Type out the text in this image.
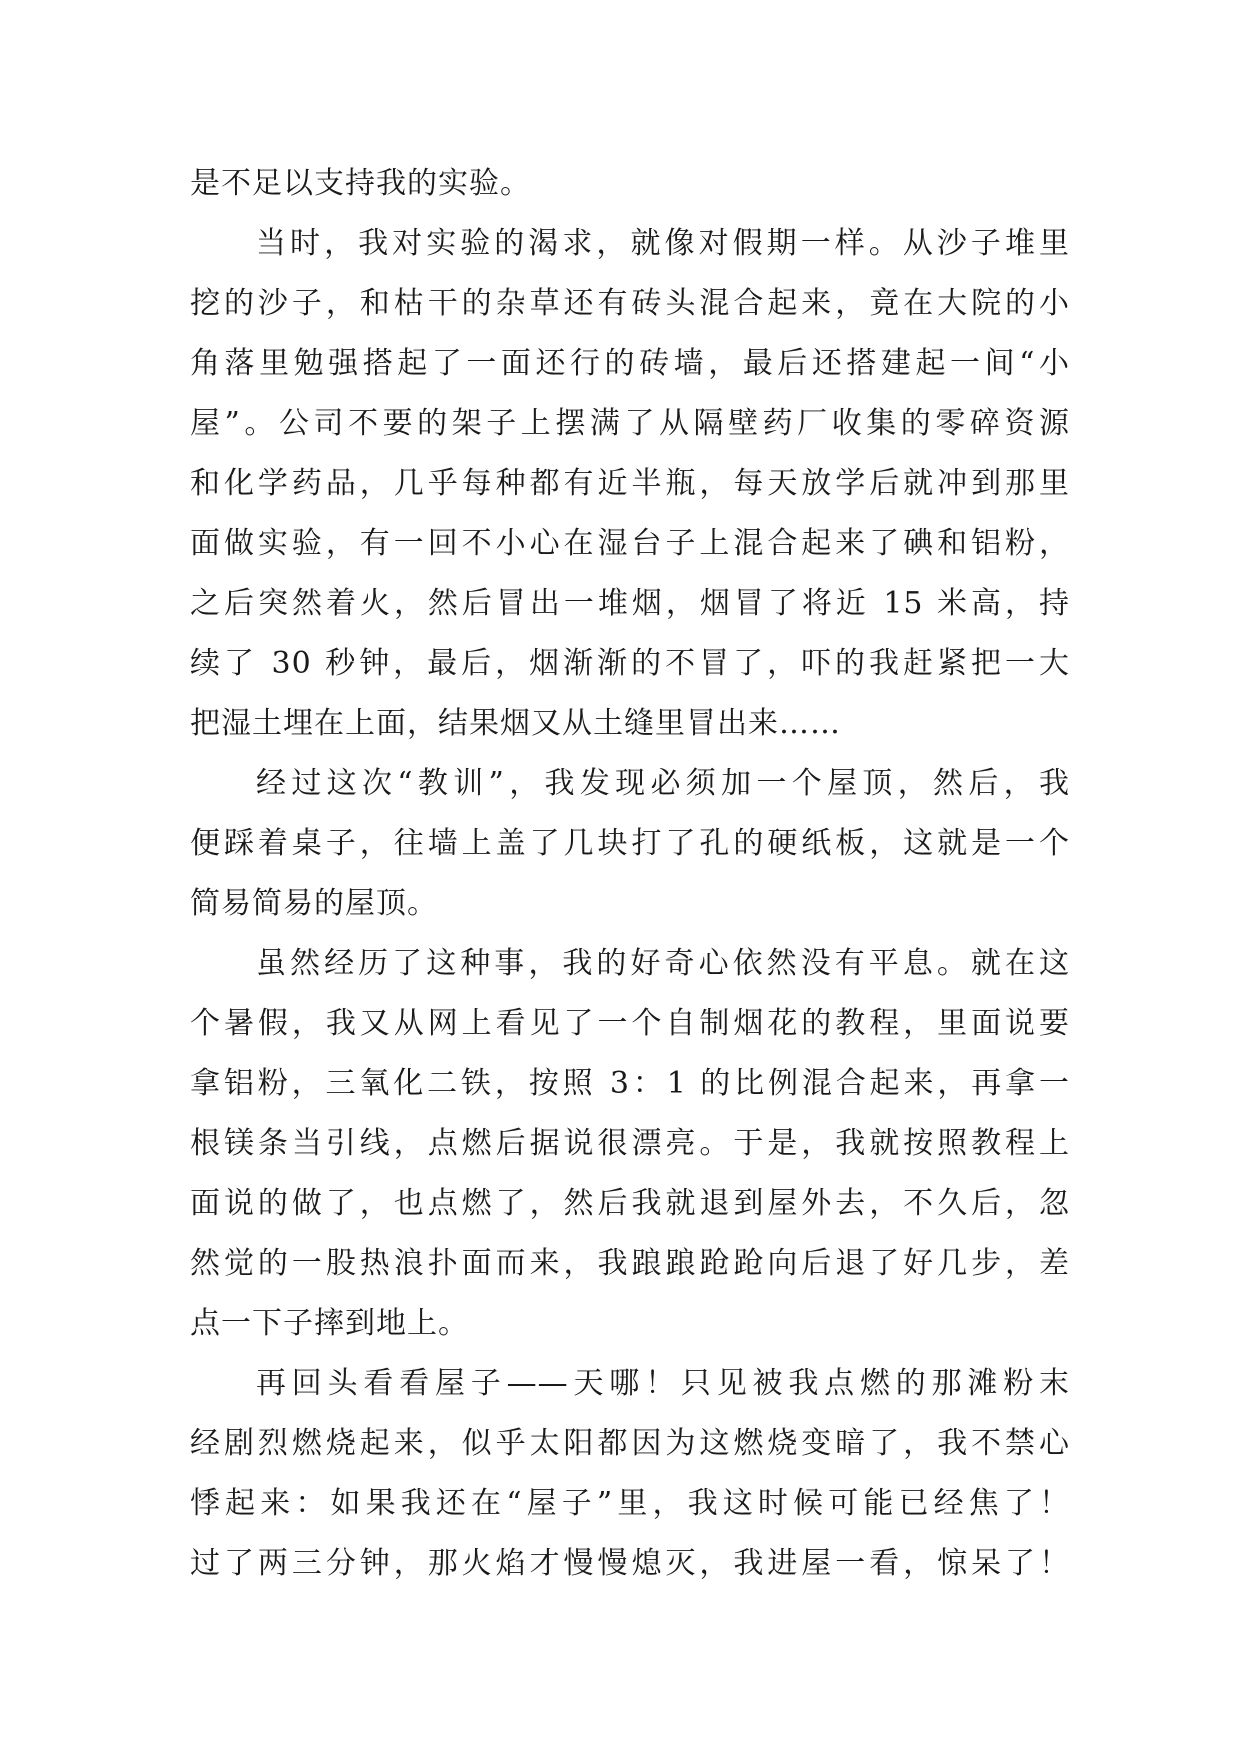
是不足以支持我的实验。
当时，我对实验的渴求，就像对假期一样。从沙子堆里
挖的沙子，和枯干的杂草还有砖头混合起来，竟在大院的小
角落里勉强搭起了一面还行的砖墙，最后还搭建起一间“小
屋”。公司不要的架子上摆满了从隔壁药厂收集的零碎资源
和化学药品，几乎每种都有近半瓶，每天放学后就冲到那里
面做实验，有一回不小心在湿台子上混合起来了碘和铝粉，
之后突然着火，然后冒出一堆烟，烟冒了将近 15 米高，持
续了 30 秒钟，最后，烟渐渐的不冒了，吓的我赶紧把一大
把湿土埋在上面，结果烟又从土缝里冒出来……
经过这次“教训”，我发现必须加一个屋顶，然后，我
便踩着桌子，往墙上盖了几块打了孔的硬纸板，这就是一个
简易简易的屋顶。
虽然经历了这种事，我的好奇心依然没有平息。就在这
个暑假，我又从网上看见了一个自制烟花的教程，里面说要
拿铝粉，三氧化二铁，按照 3：1 的比例混合起来，再拿一
根镁条当引线，点燃后据说很漂亮。于是，我就按照教程上
面说的做了，也点燃了，然后我就退到屋外去，不久后，忽
然觉的一股热浪扑面而来，我踉踉跄跄向后退了好几步，差
点一下子摔到地上。
再回头看看屋子——天哪！只见被我点燃的那滩粉末
经剧烈燃烧起来，似乎太阳都因为这燃烧变暗了，我不禁心
悸起来：如果我还在“屋子”里，我这时候可能已经焦了！
过了两三分钟，那火焰才慢慢熄灭，我进屋一看，惊呆了！
